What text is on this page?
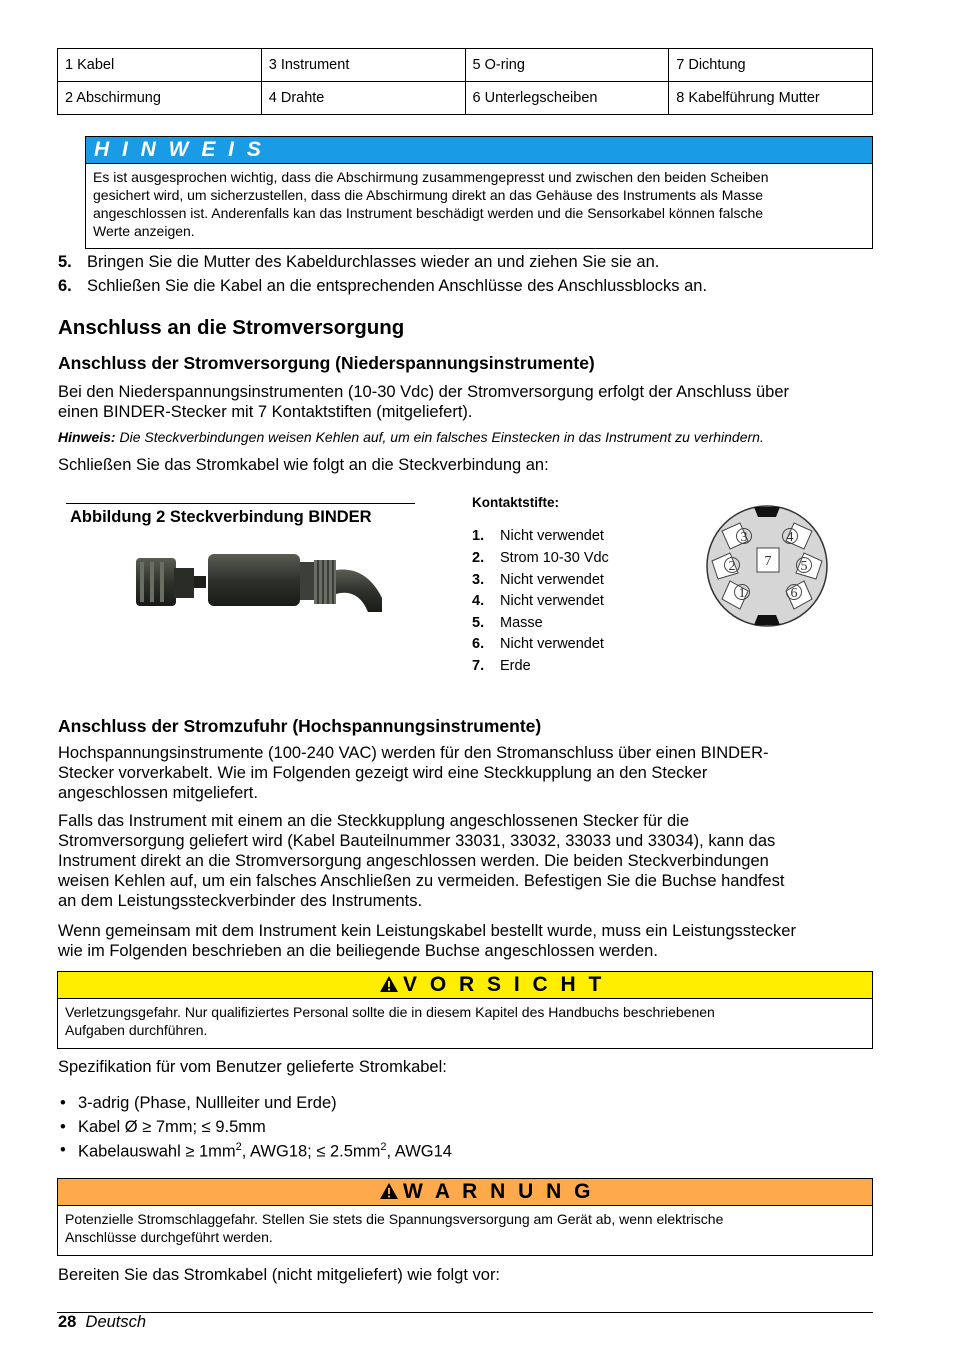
1 Kabel	3 Instrument	5 O-ring	7 Dichtung
2 Abschirmung	4 Drahte	6 Unterlegscheiben	8 Kabelführung Mutter
H I N W E I S
Es ist ausgesprochen wichtig, dass die Abschirmung zusammengepresst und zwischen den beiden Scheiben
gesichert wird, um sicherzustellen, dass die Abschirmung direkt an das Gehäuse des Instruments als Masse
angeschlossen ist. Anderenfalls kan das Instrument beschädigt werden und die Sensorkabel können falsche
Werte anzeigen.
5. Bringen Sie die Mutter des Kabeldurchlasses wieder an und ziehen Sie sie an.
6. Schließen Sie die Kabel an die entsprechenden Anschlüsse des Anschlussblocks an.
Anschluss an die Stromversorgung
Anschluss der Stromversorgung (Niederspannungsinstrumente)
Bei den Niederspannungsinstrumenten (10-30 Vdc) der Stromversorgung erfolgt der Anschluss über
einen BINDER-Stecker mit 7 Kontaktstiften (mitgeliefert).
Hinweis: Die Steckverbindungen weisen Kehlen auf, um ein falsches Einstecken in das Instrument zu verhindern.
Schließen Sie das Stromkabel wie folgt an die Steckverbindung an:
Abbildung 2 Steckverbindung BINDER
Kontaktstifte:
1. Nicht verwendet
2. Strom 10-30 Vdc
3. Nicht verwendet
4. Nicht verwendet
5. Masse
6. Nicht verwendet
7. Erde
3	4
2 7 5
1	6
Anschluss der Stromzufuhr (Hochspannungsinstrumente)
Hochspannungsinstrumente (100-240 VAC) werden für den Stromanschluss über einen BINDER-
Stecker vorverkabelt. Wie im Folgenden gezeigt wird eine Steckkupplung an den Stecker
angeschlossen mitgeliefert.
Falls das Instrument mit einem an die Steckkupplung angeschlossenen Stecker für die
Stromversorgung geliefert wird (Kabel Bauteilnummer 33031, 33032, 33033 und 33034), kann das
Instrument direkt an die Stromversorgung angeschlossen werden. Die beiden Steckverbindungen
weisen Kehlen auf, um ein falsches Anschließen zu vermeiden. Befestigen Sie die Buchse handfest
an dem Leistungssteckverbinder des Instruments.
Wenn gemeinsam mit dem Instrument kein Leistungskabel bestellt wurde, muss ein Leistungsstecker
wie im Folgenden beschrieben an die beiliegende Buchse angeschlossen werden.
V O R S I C H T
Verletzungsgefahr. Nur qualifiziertes Personal sollte die in diesem Kapitel des Handbuchs beschriebenen
Aufgaben durchführen.
Spezifikation für vom Benutzer gelieferte Stromkabel:
• 3-adrig (Phase, Nullleiter und Erde)
• Kabel Ø ≥ 7mm; ≤ 9.5mm
• Kabelauswahl ≥ $1mm^2$, AWG18; ≤ $2.5mm^2$, AWG14
W A R N U N G
Potenzielle Stromschlaggefahr. Stellen Sie stets die Spannungsversorgung am Gerät ab, wenn elektrische
Anschlüsse durchgeführt werden.
Bereiten Sie das Stromkabel (nicht mitgeliefert) wie folgt vor:
28 Deutsch
